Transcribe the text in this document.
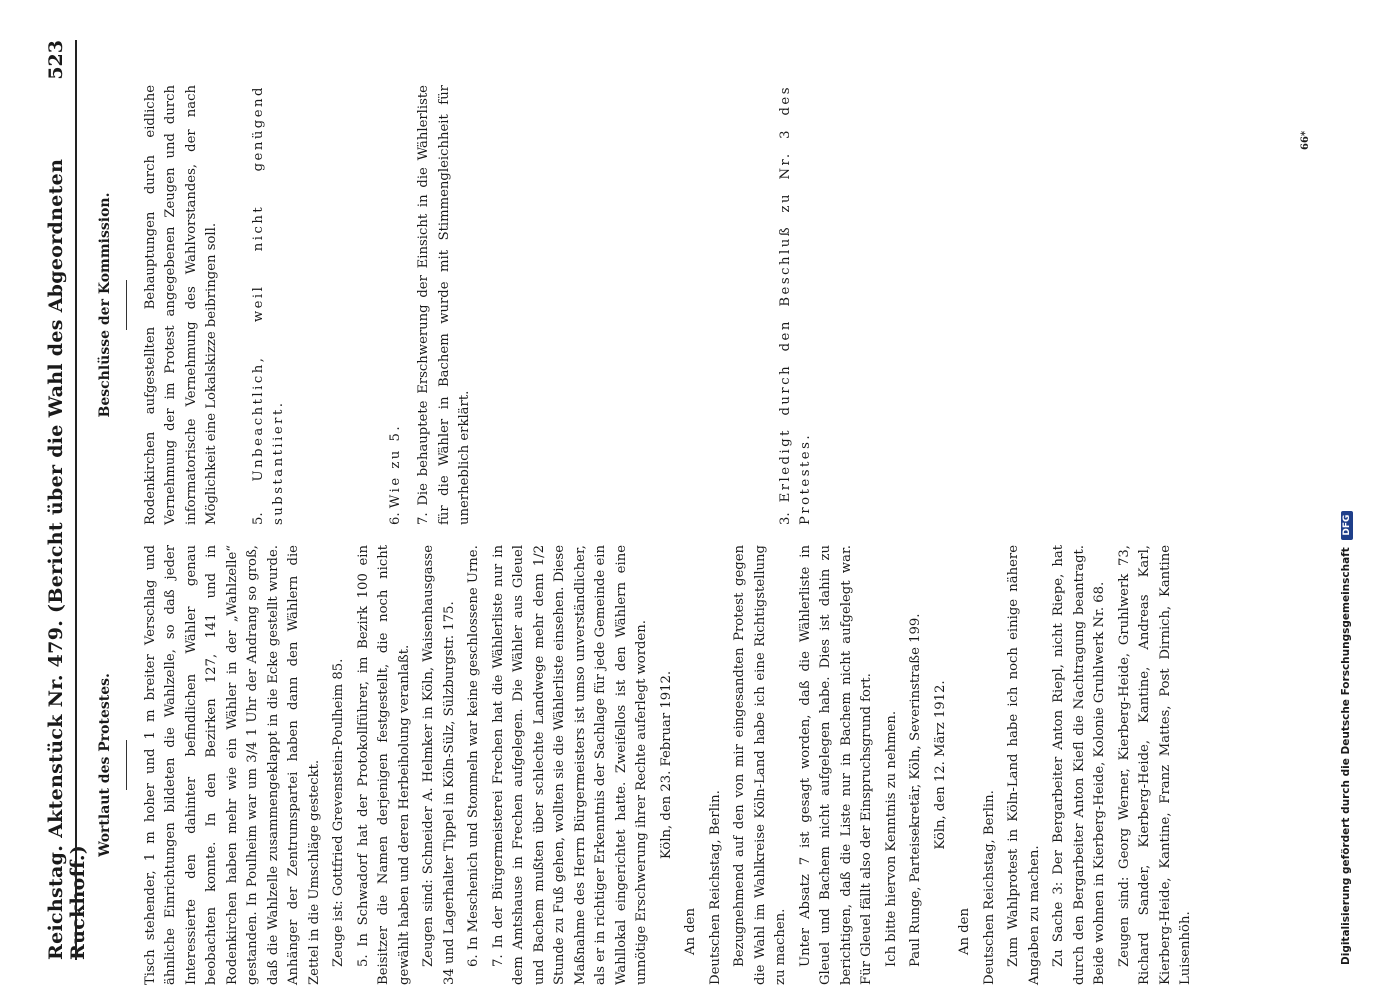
Reichstag. Aktenstück Nr. 479. (Bericht über die Wahl des Abgeordneten Ruckhoff.)
523

Wortlaut des Protestes. Tisch stehender, 1 m hoher und 1 m breiter Verschlag und ähnliche Einrichtungen bildeten die Wahlzelle, so daß jeder Interessierte den dahinter befindlichen Wähler genau beobachten konnte. In den Bezirken 127, 141 und in Rodenkirchen haben mehr wie ein Wähler in der „Wahlzelle“ gestanden. In Poulheim war um 3/4 1 Uhr der Andrang so groß, daß die Wahlzelle zusammengeklappt in die Ecke gestellt wurde. Anhänger der Zentrumspartei haben dann den Wählern die Zettel in die Umschläge gesteckt. Zeuge ist: Gottfried Grevenstein-Poulheim 85. 5. In Schwadorf hat der Protokollführer, im Bezirk 100 ein Beisitzer die Namen derjenigen festgestellt, die noch nicht gewählt haben und deren Herbeiholung veranlaßt. Zeugen sind: Schneider A. Helmker in Köln, Waisenhausgasse 34 und Lagerhalter Tippel in Köln-Sülz, Sülzburgstr. 175. 6. In Meschenich und Stommeln war keine geschlossene Urne. 7. In der Bürgermeisterei Frechen hat die Wählerliste nur in dem Amtshause in Frechen aufgelegen. Die Wähler aus Gleuel und Bachem mußten über schlechte Landwege mehr denn 1/2 Stunde zu Fuß gehen, wollten sie die Wählerliste einsehen. Diese Maßnahme des Herrn Bürgermeisters ist umso unverständlicher, als er in richtiger Erkenntnis der Sachlage für jede Gemeinde ein Wahllokal eingerichtet hatte. Zweifellos ist den Wählern eine unnötige Erschwerung ihrer Rechte auferlegt worden. Köln, den 23. Februar 1912.

An den Deutschen Reichstag, Berlin. Bezugnehmend auf den von mir eingesandten Protest gegen die Wahl im Wahlkreise Köln-Land habe ich eine Richtigstellung zu machen. Unter Absatz 7 ist gesagt worden, daß die Wählerliste in Gleuel und Bachem nicht aufgelegen habe. Dies ist dahin zu berichtigen, daß die Liste nur in Bachem nicht aufgelegt war. Für Gleuel fällt also der Einspruchsgrund fort. Ich bitte hiervon Kenntnis zu nehmen. Paul Runge, Parteisekretär, Köln, Severinstraße 199. Köln, den 12. März 1912.

An den Deutschen Reichstag, Berlin. Zum Wahlprotest in Köln-Land habe ich noch einige nähere Angaben zu machen. Zu Sache 3: Der Bergarbeiter Anton Riepl, nicht Riepe, hat durch den Bergarbeiter Anton Kiefl die Nachtragung beantragt. Beide wohnen in Kierberg-Heide, Kolonie Gruhlwerk Nr. 68. Zeugen sind: Georg Werner, Kierberg-Heide, Gruhlwerk 73, Richard Sander, Kierberg-Heide, Kantine, Andreas Karl, Kierberg-Heide, Kantine, Franz Mattes, Post Dirnich, Kantine Luisenhöh.

Beschlüsse der Kommission. Rodenkirchen aufgestellten Behauptungen durch eidliche Vernehmung der im Protest angegebenen Zeugen und durch informatorische Vernehmung des Wahlvorstandes, der nach Möglichkeit eine Lokalskizze beibringen soll. 5. Unbeachtlich, weil nicht genügend substantiiert.	6. Wie zu 5.

7. Die behauptete Erschwerung der Einsicht in die Wählerliste für die Wähler in Bachem wurde mit Stimmengleichheit für unerheblich erklärt.	3. Erledigt durch den Beschluß zu Nr. 3 des Protestes.

66*
Digitalisierung gefördert durch die Deutsche Forschungsgemeinschaft DFG
